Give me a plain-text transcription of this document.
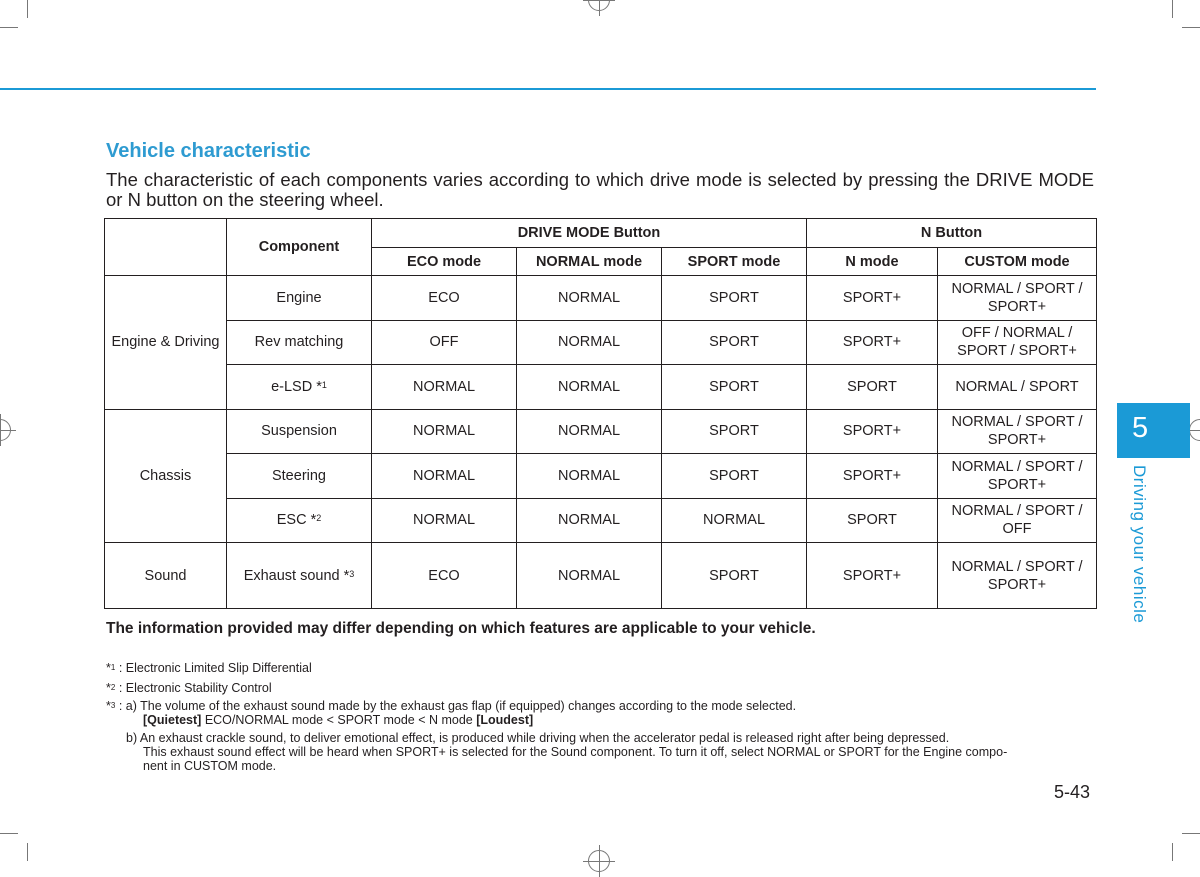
Vehicle characteristic

The characteristic of each components varies according to which drive mode is selected by pressing the DRIVE MODE or N button on the steering wheel.

	Component	DRIVE MODE Button			N Button	
		ECO mode	NORMAL mode	SPORT mode	N mode	CUSTOM mode
Engine & Driving	Engine	ECO	NORMAL	SPORT	SPORT+	NORMAL / SPORT / SPORT+
	Rev matching	OFF	NORMAL	SPORT	SPORT+	OFF / NORMAL / SPORT / SPORT+
	e-LSD *$^1$	NORMAL	NORMAL	SPORT	SPORT	NORMAL / SPORT
Chassis	Suspension	NORMAL	NORMAL	SPORT	SPORT+	NORMAL / SPORT / SPORT+
	Steering	NORMAL	NORMAL	SPORT	SPORT+	NORMAL / SPORT / SPORT+
	ESC *$^2$	NORMAL	NORMAL	NORMAL	SPORT	NORMAL / SPORT / OFF
Sound	Exhaust sound *$^3$	ECO	NORMAL	SPORT	SPORT+	NORMAL / SPORT / SPORT+
The information provided may differ depending on which features are applicable to your vehicle.
*$^1$ : Electronic Limited Slip Differential
*$^2$ : Electronic Stability Control
*$^3$ : a) The volume of the exhaust sound made by the exhaust gas flap (if equipped) changes according to the mode selected.
[Quietest] ECO/NORMAL mode < SPORT mode < N mode [Loudest]
b) An exhaust crackle sound, to deliver emotional effect, is produced while driving when the accelerator pedal is released right after being depressed.
This exhaust sound effect will be heard when SPORT+ is selected for the Sound component. To turn it off, select NORMAL or SPORT for the Engine compo-
nent in CUSTOM mode.
5
Driving your vehicle
5-43
